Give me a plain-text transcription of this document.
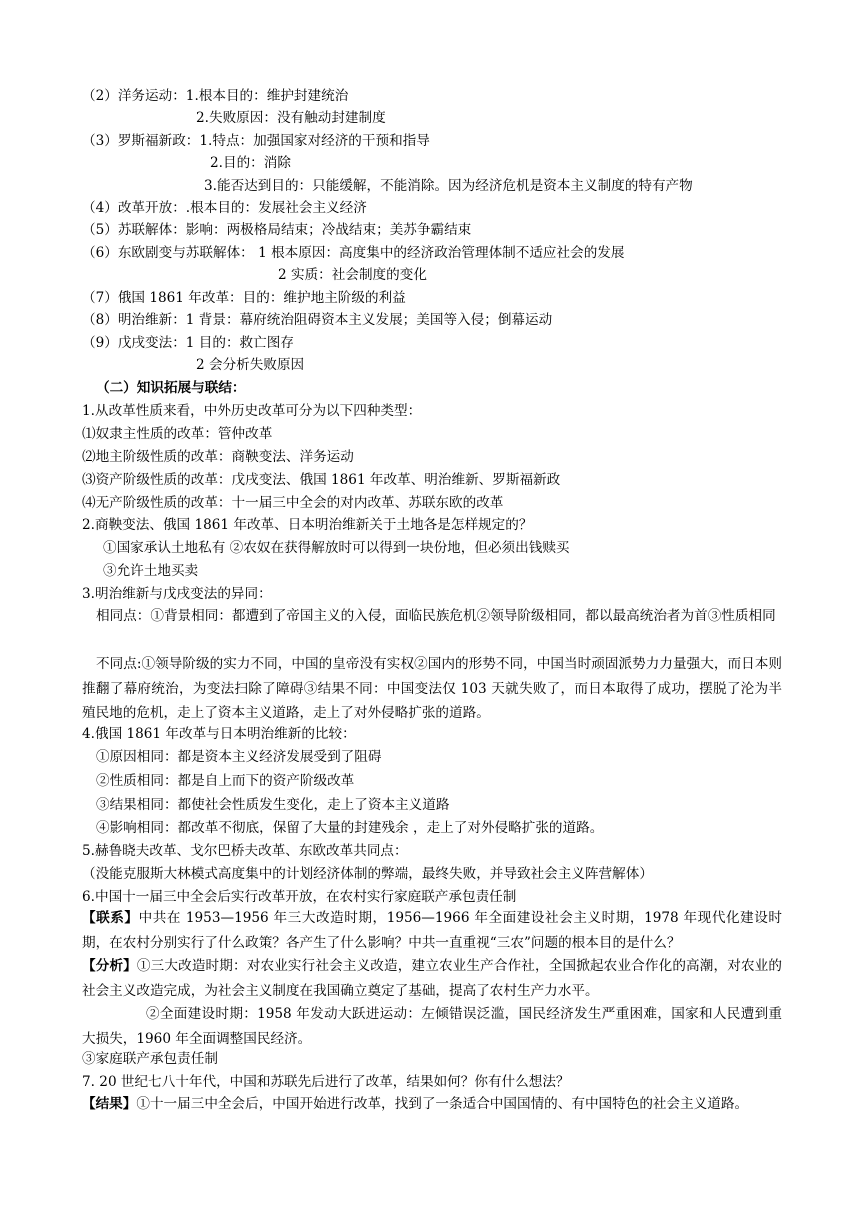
（2）洋务运动：1.根本目的：维护封建统治
2.失败原因：没有触动封建制度
（3）罗斯福新政：1.特点：加强国家对经济的干预和指导
2.目的：消除
3.能否达到目的：只能缓解，不能消除。因为经济危机是资本主义制度的特有产物
（4）改革开放：.根本目的：发展社会主义经济
（5）苏联解体：影响：两极格局结束；冷战结束；美苏争霸结束
（6）东欧剧变与苏联解体： 1 根本原因：高度集中的经济政治管理体制不适应社会的发展
2 实质：社会制度的变化
（7）俄国 1861 年改革：目的：维护地主阶级的利益
（8）明治维新：1 背景：幕府统治阻碍资本主义发展；美国等入侵；倒幕运动
（9）戊戌变法：1 目的：救亡图存
2 会分析失败原因
（二）知识拓展与联结：
1.从改革性质来看，中外历史改革可分为以下四种类型：
⑴奴隶主性质的改革：管仲改革
⑵地主阶级性质的改革：商鞅变法、洋务运动
⑶资产阶级性质的改革：戊戌变法、俄国 1861 年改革、明治维新、罗斯福新政
⑷无产阶级性质的改革：十一届三中全会的对内改革、苏联东欧的改革
2.商鞅变法、俄国 1861 年改革、日本明治维新关于土地各是怎样规定的？
①国家承认土地私有 ②农奴在获得解放时可以得到一块份地，但必须出钱赎买
③允许土地买卖
3.明治维新与戊戌变法的异同：
相同点：①背景相同：都遭到了帝国主义的入侵，面临民族危机②领导阶级相同，都以最高统治者为首③性质相同
不同点:①领导阶级的实力不同，中国的皇帝没有实权②国内的形势不同，中国当时顽固派势力力量强大，而日本则推翻了幕府统治，为变法扫除了障碍③结果不同：中国变法仅 103 天就失败了，而日本取得了成功，摆脱了沦为半殖民地的危机，走上了资本主义道路，走上了对外侵略扩张的道路。
4.俄国 1861 年改革与日本明治维新的比较：
①原因相同：都是资本主义经济发展受到了阻碍
②性质相同：都是自上而下的资产阶级改革
③结果相同：都使社会性质发生变化，走上了资本主义道路
④影响相同：都改革不彻底，保留了大量的封建残余 ，走上了对外侵略扩张的道路。
5.赫鲁晓夫改革、戈尔巴桥夫改革、东欧改革共同点：
（没能克服斯大林模式高度集中的计划经济体制的弊端，最终失败，并导致社会主义阵营解体）
6.中国十一届三中全会后实行改革开放，在农村实行家庭联产承包责任制
【联系】中共在 1953—1956 年三大改造时期，1956—1966 年全面建设社会主义时期，1978 年现代化建设时期，在农村分别实行了什么政策？各产生了什么影响？中共一直重视“三农”问题的根本目的是什么？
【分析】①三大改造时期：对农业实行社会主义改造，建立农业生产合作社，全国掀起农业合作化的高潮，对农业的社会主义改造完成，为社会主义制度在我国确立奠定了基础，提高了农村生产力水平。
②全面建设时期：1958 年发动大跃进运动：左倾错误泛滥，国民经济发生严重困难，国家和人民遭到重大损失，1960 年全面调整国民经济。
③家庭联产承包责任制
7. 20 世纪七八十年代，中国和苏联先后进行了改革，结果如何？你有什么想法？
【结果】①十一届三中全会后，中国开始进行改革，找到了一条适合中国国情的、有中国特色的社会主义道路。
